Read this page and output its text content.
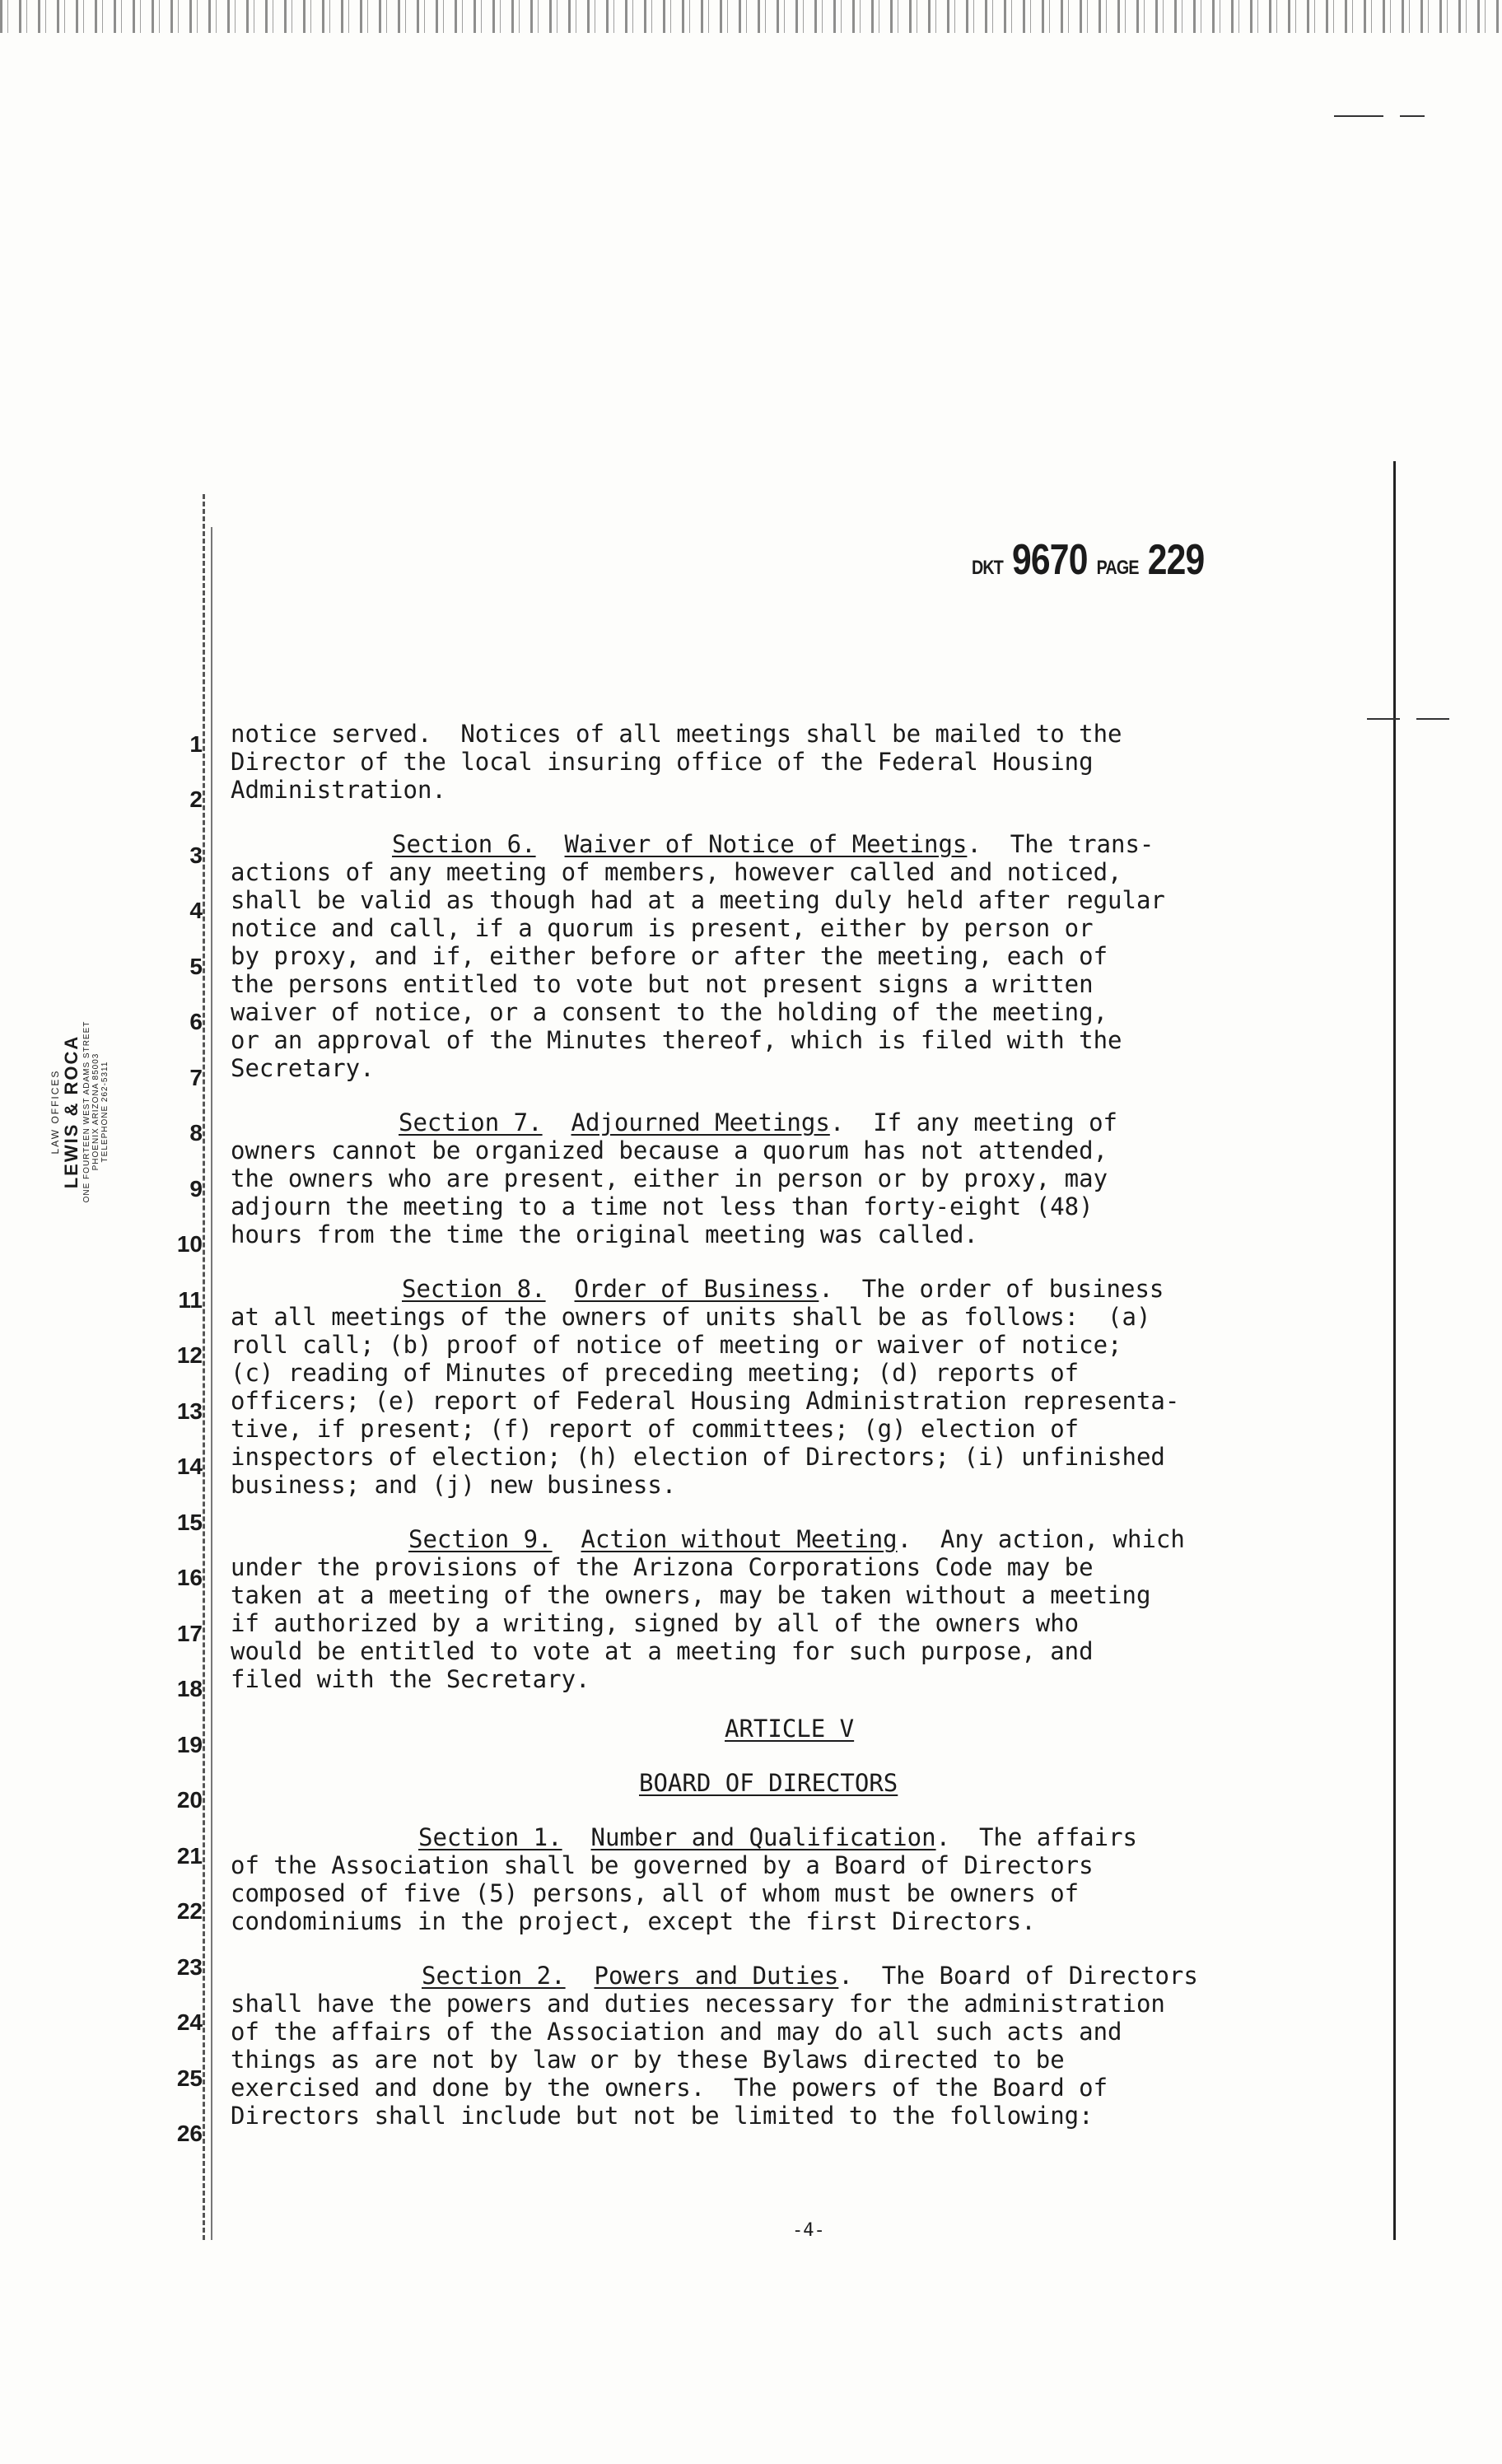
DKT 9670 PAGE 229
LAW OFFICES LEWIS & ROCA ONE FOURTEEN WEST ADAMS STREET PHOENIX ARIZONA 85003 TELEPHONE 262-5311
1
2
3
4
5
6
7
8
9
10
11
12
13
14
15
16
17
18
19
20
21
22
23
24
25
26
notice served.  Notices of all meetings shall be mailed to the
Director of the local insuring office of the Federal Housing
Administration.
Section 6. Waiver of Notice of Meetings.  The trans-
actions of any meeting of members, however called and noticed,
shall be valid as though had at a meeting duly held after regular
notice and call, if a quorum is present, either by person or
by proxy, and if, either before or after the meeting, each of
the persons entitled to vote but not present signs a written
waiver of notice, or a consent to the holding of the meeting,
or an approval of the Minutes thereof, which is filed with the
Secretary.
Section 7. Adjourned Meetings.  If any meeting of
owners cannot be organized because a quorum has not attended,
the owners who are present, either in person or by proxy, may
adjourn the meeting to a time not less than forty-eight (48)
hours from the time the original meeting was called.
Section 8. Order of Business.  The order of business
at all meetings of the owners of units shall be as follows:  (a)
roll call; (b) proof of notice of meeting or waiver of notice;
(c) reading of Minutes of preceding meeting; (d) reports of
officers; (e) report of Federal Housing Administration representa-
tive, if present; (f) report of committees; (g) election of
inspectors of election; (h) election of Directors; (i) unfinished
business; and (j) new business.
Section 9. Action without Meeting.  Any action, which
under the provisions of the Arizona Corporations Code may be
taken at a meeting of the owners, may be taken without a meeting
if authorized by a writing, signed by all of the owners who
would be entitled to vote at a meeting for such purpose, and
filed with the Secretary.
ARTICLE V
BOARD OF DIRECTORS
Section 1. Number and Qualification.  The affairs
of the Association shall be governed by a Board of Directors
composed of five (5) persons, all of whom must be owners of
condominiums in the project, except the first Directors.
Section 2. Powers and Duties.  The Board of Directors
shall have the powers and duties necessary for the administration
of the affairs of the Association and may do all such acts and
things as are not by law or by these Bylaws directed to be
exercised and done by the owners.  The powers of the Board of
Directors shall include but not be limited to the following:
-4-
